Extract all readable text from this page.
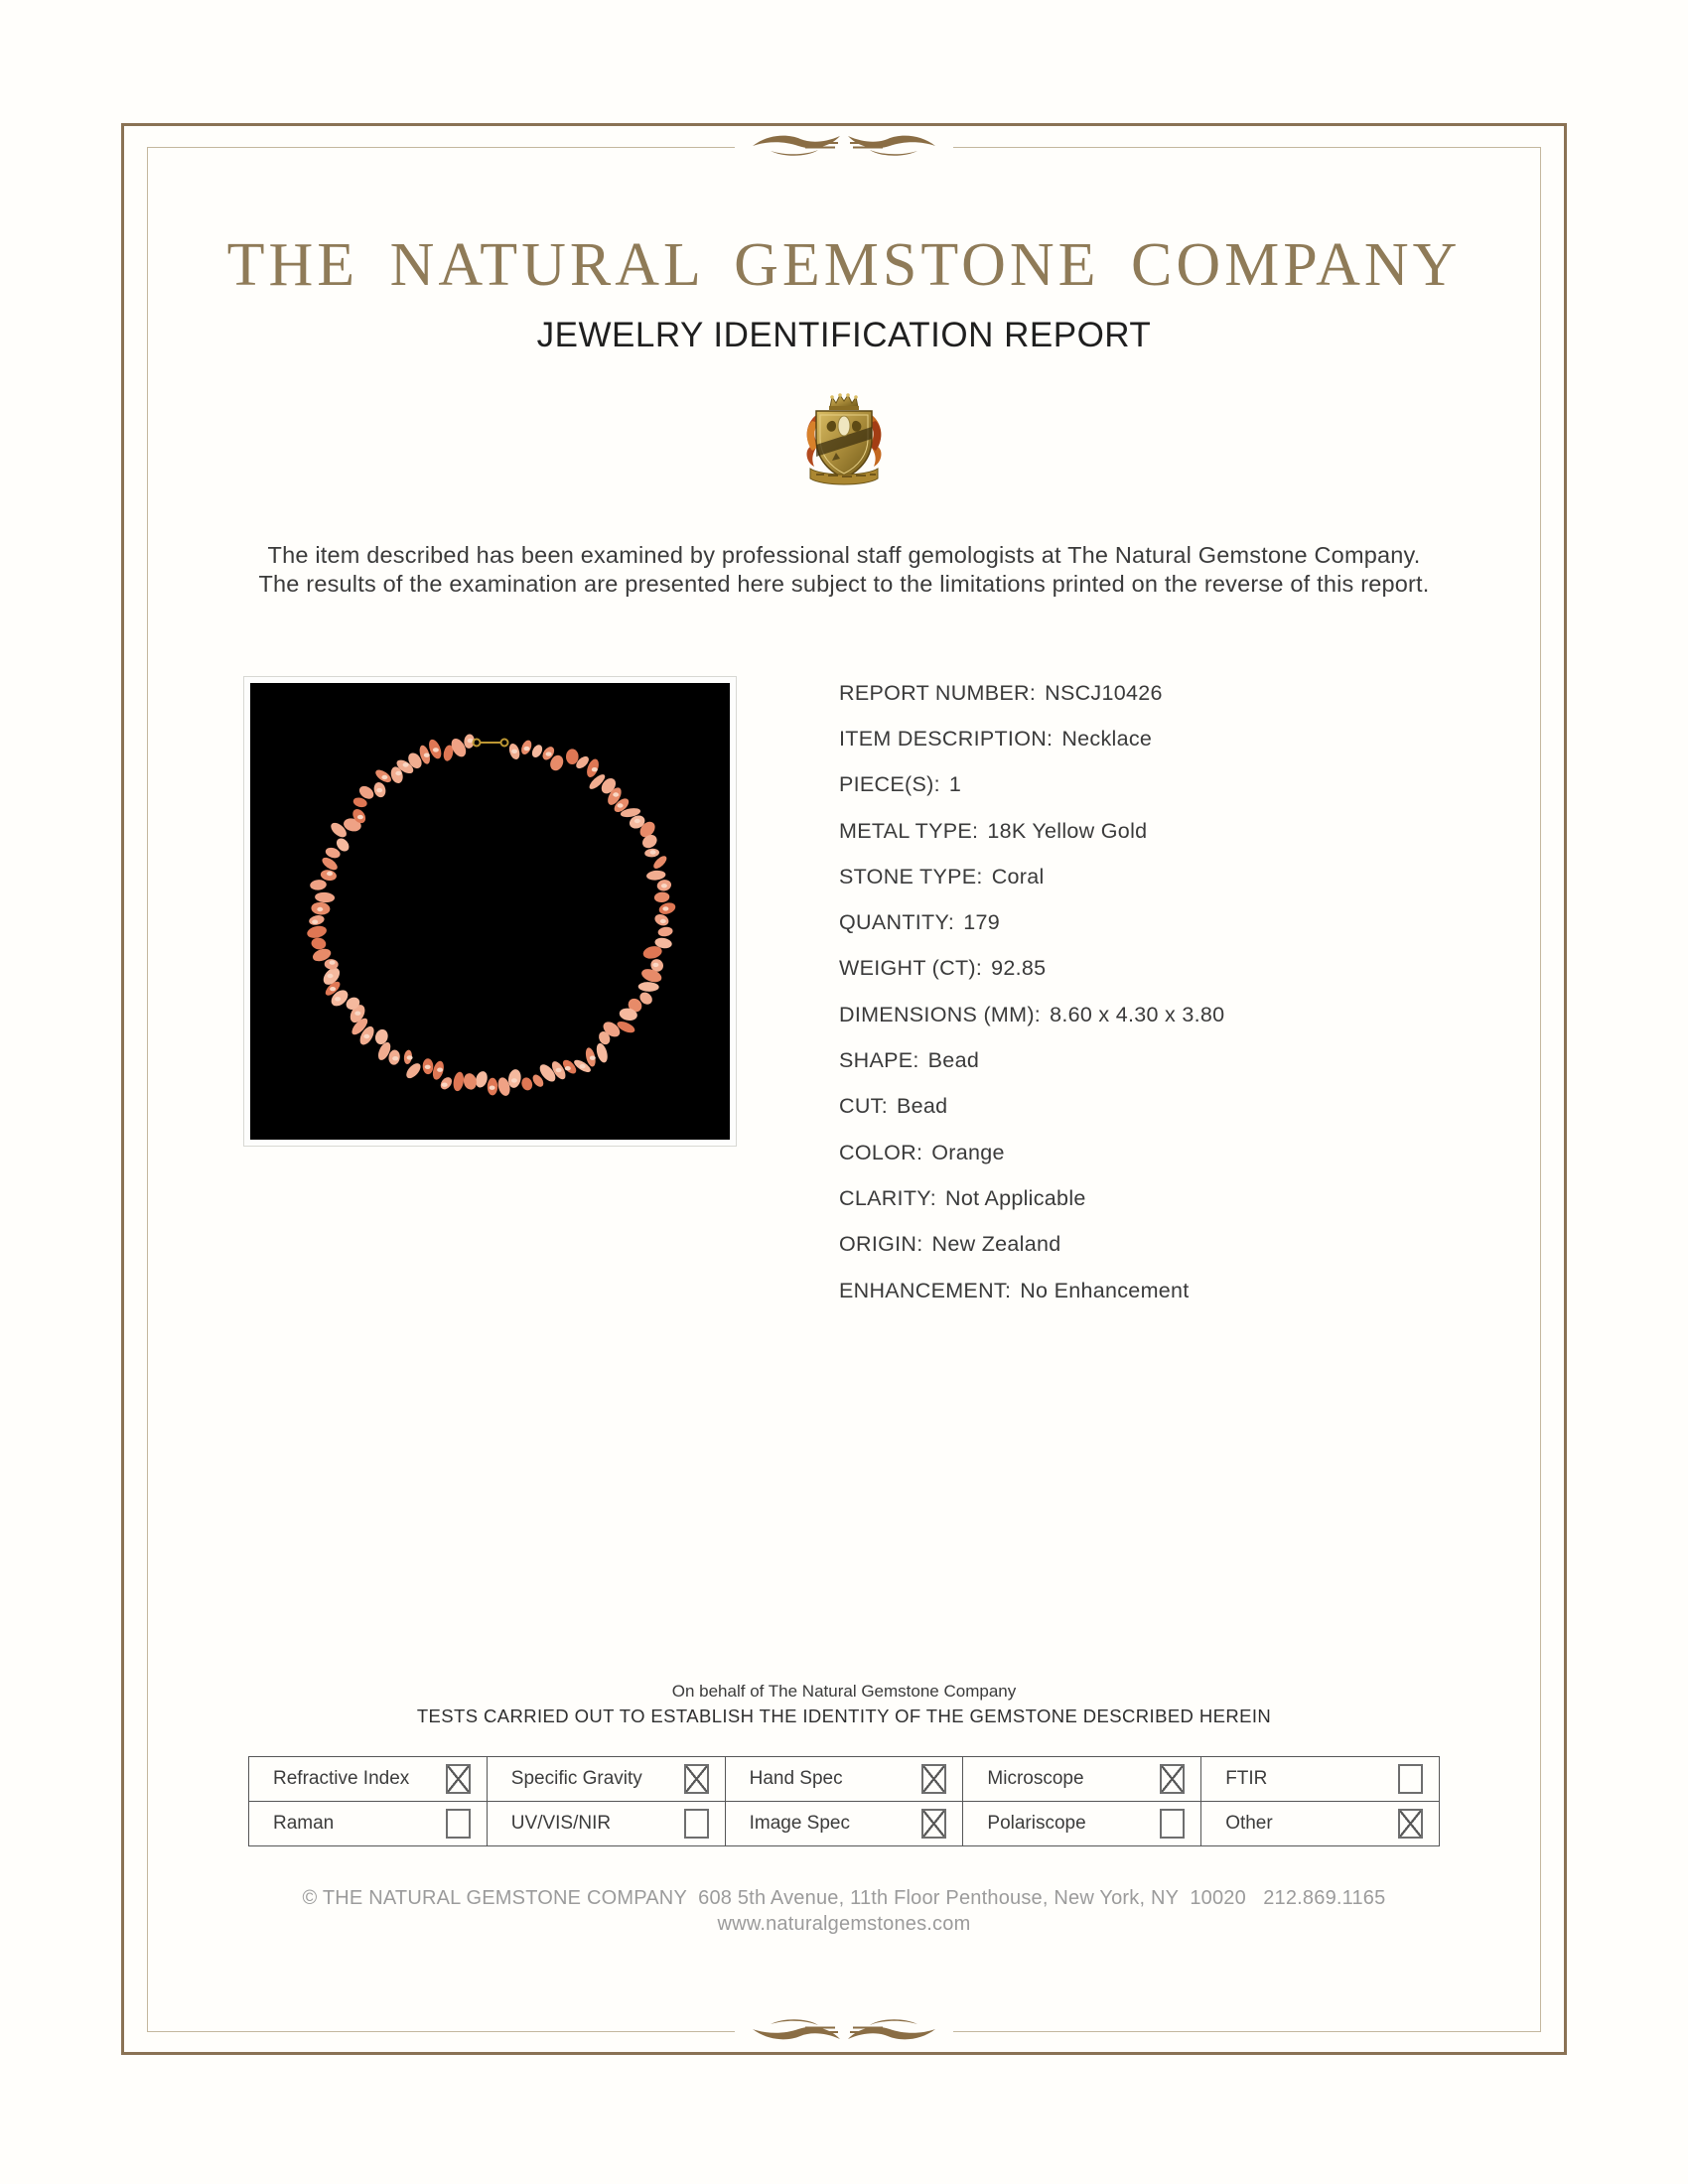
THE NATURAL GEMSTONE COMPANY
JEWELRY IDENTIFICATION REPORT
The item described has been examined by professional staff gemologists at The Natural Gemstone Company.
The results of the examination are presented here subject to the limitations printed on the reverse of this report.
REPORT NUMBER: NSCJ10426
ITEM DESCRIPTION: Necklace
PIECE(S): 1
METAL TYPE: 18K Yellow Gold
STONE TYPE: Coral
QUANTITY: 179
WEIGHT (CT): 92.85
DIMENSIONS (MM): 8.60 x 4.30 x 3.80
SHAPE: Bead
CUT: Bead
COLOR: Orange
CLARITY: Not Applicable
ORIGIN: New Zealand
ENHANCEMENT: No Enhancement
On behalf of The Natural Gemstone Company
TESTS CARRIED OUT TO ESTABLISH THE IDENTITY OF THE GEMSTONE DESCRIBED HEREIN
Refractive Index	Specific Gravity	Hand Spec	Microscope	FTIR
Raman	UV/VIS/NIR	Image Spec	Polariscope	Other
© THE NATURAL GEMSTONE COMPANY  608 5th Avenue, 11th Floor Penthouse, New York, NY  10020   212.869.1165
www.naturalgemstones.com
